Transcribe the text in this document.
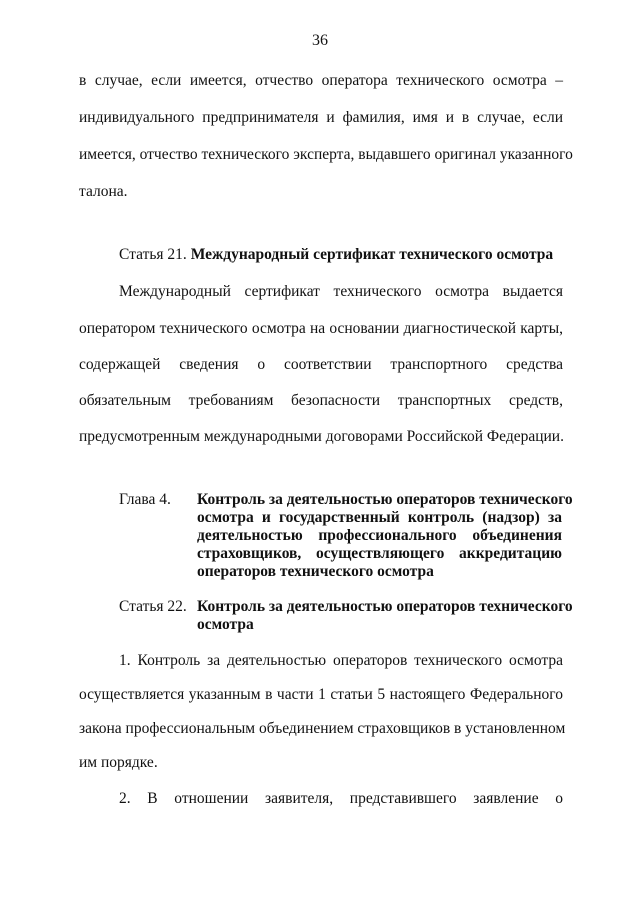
36
в случае, если имеется, отчество оператора технического осмотра –
индивидуального предпринимателя и фамилия, имя и в случае, если
имеется, отчество технического эксперта, выдавшего оригинал указанного
талона.
Статья 21. Международный сертификат технического осмотра
Международный сертификат технического осмотра выдается
оператором технического осмотра на основании диагностической карты,
содержащей сведения о соответствии транспортного средства
обязательным требованиям безопасности транспортных средств,
предусмотренным международными договорами Российской Федерации.
Глава 4. Контроль за деятельностью операторов технического
осмотра и государственный контроль (надзор) за
деятельностью профессионального объединения
страховщиков, осуществляющего аккредитацию
операторов технического осмотра
Статья 22. Контроль за деятельностью операторов технического
осмотра
1. Контроль за деятельностью операторов технического осмотра
осуществляется указанным в части 1 статьи 5 настоящего Федерального
закона профессиональным объединением страховщиков в установленном
им порядке.
2. В отношении заявителя, представившего заявление о
